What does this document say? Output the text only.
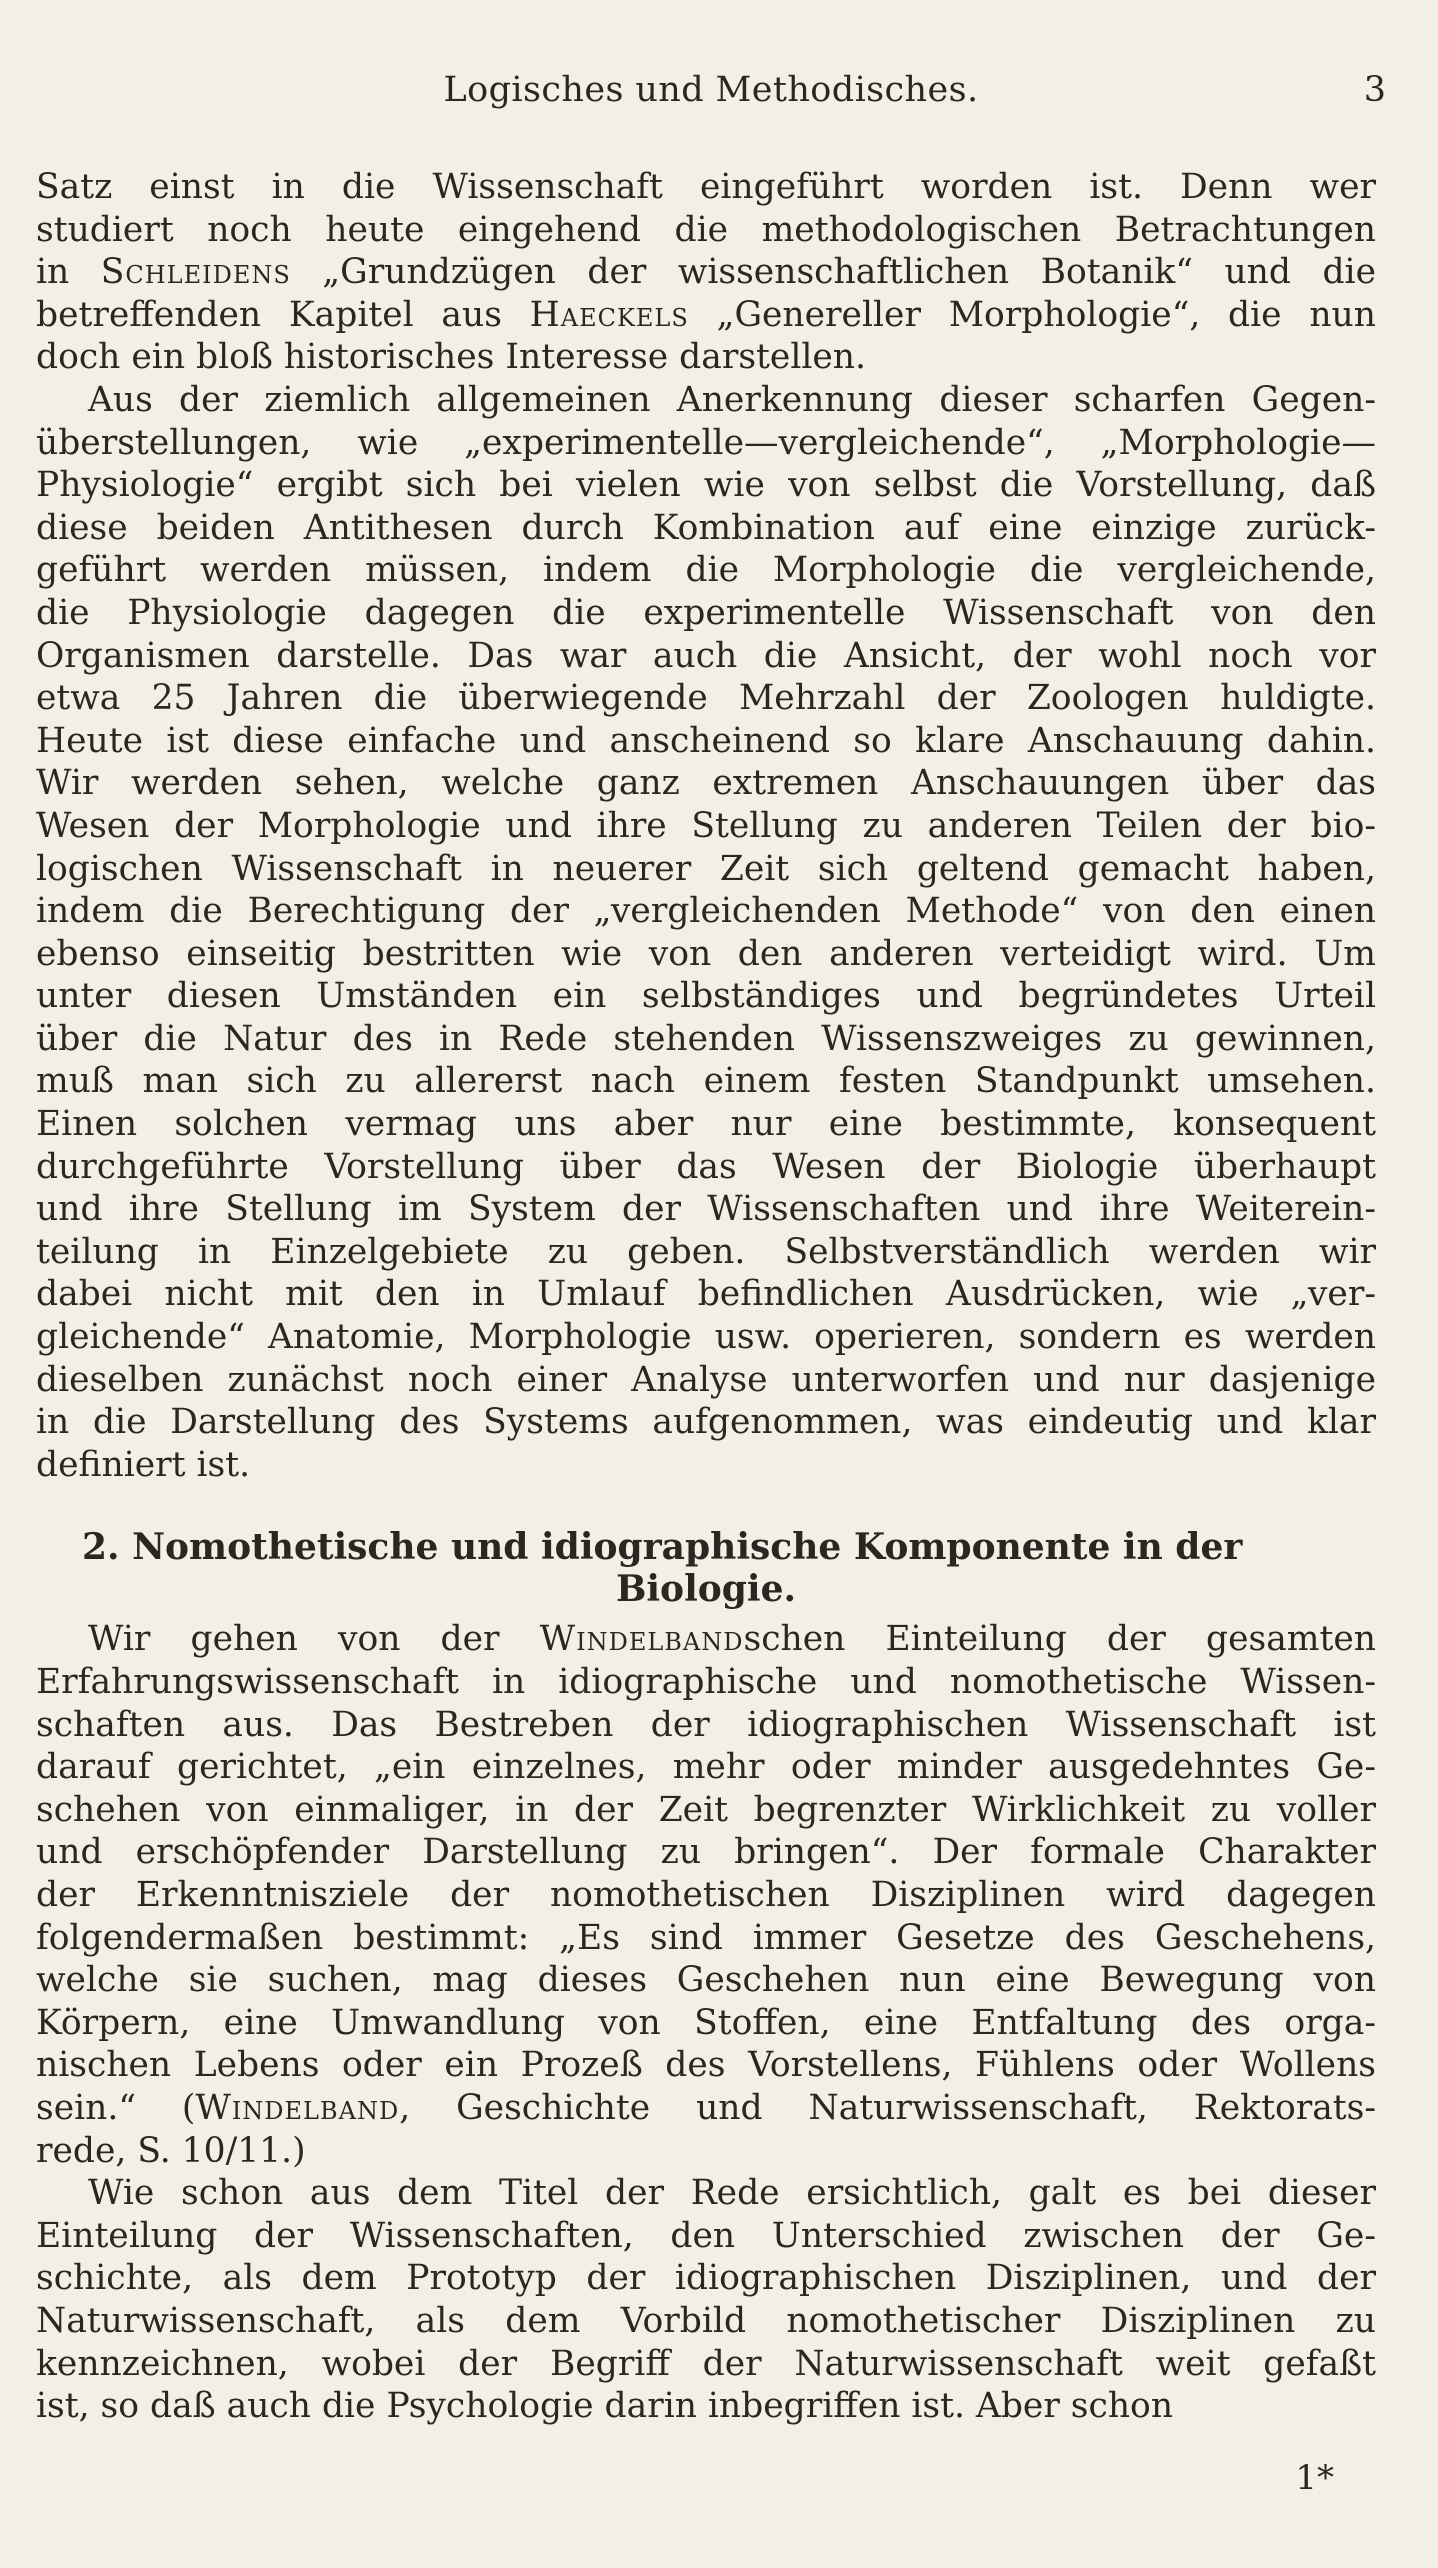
Logisches und Methodisches.	3
Satz einst in die Wissenschaft eingeführt worden ist. Denn wer
studiert noch heute eingehend die methodologischen Betrachtungen
in Schleidens „Grundzügen der wissenschaftlichen Botanik“ und die
betreffenden Kapitel aus Haeckels „Genereller Morphologie“, die nun
doch ein bloß historisches Interesse darstellen.
Aus der ziemlich allgemeinen Anerkennung dieser scharfen Gegen-
überstellungen, wie „experimentelle—vergleichende“, „Morphologie—
Physiologie“ ergibt sich bei vielen wie von selbst die Vorstellung, daß
diese beiden Antithesen durch Kombination auf eine einzige zurück-
geführt werden müssen, indem die Morphologie die vergleichende,
die Physiologie dagegen die experimentelle Wissenschaft von den
Organismen darstelle. Das war auch die Ansicht, der wohl noch vor
etwa 25 Jahren die überwiegende Mehrzahl der Zoologen huldigte.
Heute ist diese einfache und anscheinend so klare Anschauung dahin.
Wir werden sehen, welche ganz extremen Anschauungen über das
Wesen der Morphologie und ihre Stellung zu anderen Teilen der bio-
logischen Wissenschaft in neuerer Zeit sich geltend gemacht haben,
indem die Berechtigung der „vergleichenden Methode“ von den einen
ebenso einseitig bestritten wie von den anderen verteidigt wird. Um
unter diesen Umständen ein selbständiges und begründetes Urteil
über die Natur des in Rede stehenden Wissenszweiges zu gewinnen,
muß man sich zu allererst nach einem festen Standpunkt umsehen.
Einen solchen vermag uns aber nur eine bestimmte, konsequent
durchgeführte Vorstellung über das Wesen der Biologie überhaupt
und ihre Stellung im System der Wissenschaften und ihre Weiterein-
teilung in Einzelgebiete zu geben. Selbstverständlich werden wir
dabei nicht mit den in Umlauf befindlichen Ausdrücken, wie „ver-
gleichende“ Anatomie, Morphologie usw. operieren, sondern es werden
dieselben zunächst noch einer Analyse unterworfen und nur dasjenige
in die Darstellung des Systems aufgenommen, was eindeutig und klar
definiert ist.
2. Nomothetische und idiographische Komponente in der
Biologie.
Wir gehen von der Windelbandschen Einteilung der gesamten
Erfahrungswissenschaft in idiographische und nomothetische Wissen-
schaften aus. Das Bestreben der idiographischen Wissenschaft ist
darauf gerichtet, „ein einzelnes, mehr oder minder ausgedehntes Ge-
schehen von einmaliger, in der Zeit begrenzter Wirklichkeit zu voller
und erschöpfender Darstellung zu bringen“. Der formale Charakter
der Erkenntnisziele der nomothetischen Disziplinen wird dagegen
folgendermaßen bestimmt: „Es sind immer Gesetze des Geschehens,
welche sie suchen, mag dieses Geschehen nun eine Bewegung von
Körpern, eine Umwandlung von Stoffen, eine Entfaltung des orga-
nischen Lebens oder ein Prozeß des Vorstellens, Fühlens oder Wollens
sein.“ (Windelband, Geschichte und Naturwissenschaft, Rektorats-
rede, S. 10/11.)
Wie schon aus dem Titel der Rede ersichtlich, galt es bei dieser
Einteilung der Wissenschaften, den Unterschied zwischen der Ge-
schichte, als dem Prototyp der idiographischen Disziplinen, und der
Naturwissenschaft, als dem Vorbild nomothetischer Disziplinen zu
kennzeichnen, wobei der Begriff der Naturwissenschaft weit gefaßt
ist, so daß auch die Psychologie darin inbegriffen ist. Aber schon
1*
